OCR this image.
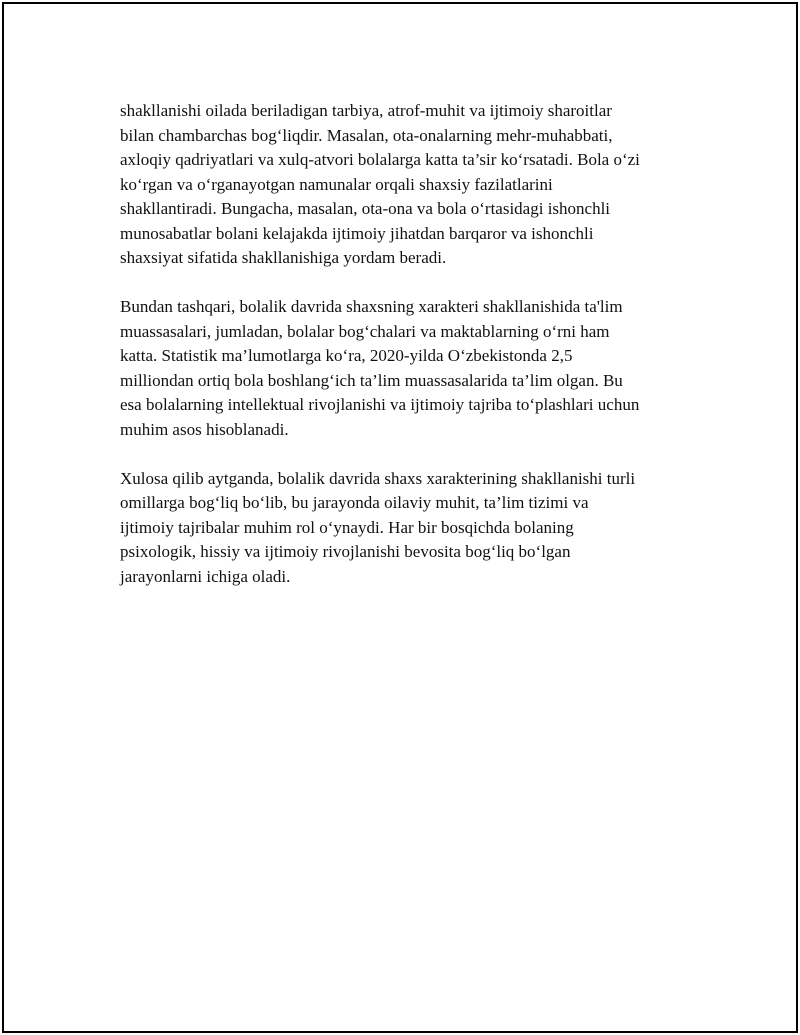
shakllanishi oilada beriladigan tarbiya, atrof-muhit va ijtimoiy sharoitlar
bilan chambarchas bog‘liqdir. Masalan, ota-onalarning mehr-muhabbati,
axloqiy qadriyatlari va xulq-atvori bolalarga katta ta’sir ko‘rsatadi. Bola o‘zi
ko‘rgan va o‘rganayotgan namunalar orqali shaxsiy fazilatlarini
shakllantiradi. Bungacha, masalan, ota-ona va bola o‘rtasidagi ishonchli
munosabatlar bolani kelajakda ijtimoiy jihatdan barqaror va ishonchli
shaxsiyat sifatida shakllanishiga yordam beradi.
Bundan tashqari, bolalik davrida shaxsning xarakteri shakllanishida ta'lim
muassasalari, jumladan, bolalar bog‘chalari va maktablarning o‘rni ham
katta. Statistik ma’lumotlarga ko‘ra, 2020-yilda O‘zbekistonda 2,5
milliondan ortiq bola boshlang‘ich ta’lim muassasalarida ta’lim olgan. Bu
esa bolalarning intellektual rivojlanishi va ijtimoiy tajriba to‘plashlari uchun
muhim asos hisoblanadi.
Xulosa qilib aytganda, bolalik davrida shaxs xarakterining shakllanishi turli
omillarga bog‘liq bo‘lib, bu jarayonda oilaviy muhit, ta’lim tizimi va
ijtimoiy tajribalar muhim rol o‘ynaydi. Har bir bosqichda bolaning
psixologik, hissiy va ijtimoiy rivojlanishi bevosita bog‘liq bo‘lgan
jarayonlarni ichiga oladi.
